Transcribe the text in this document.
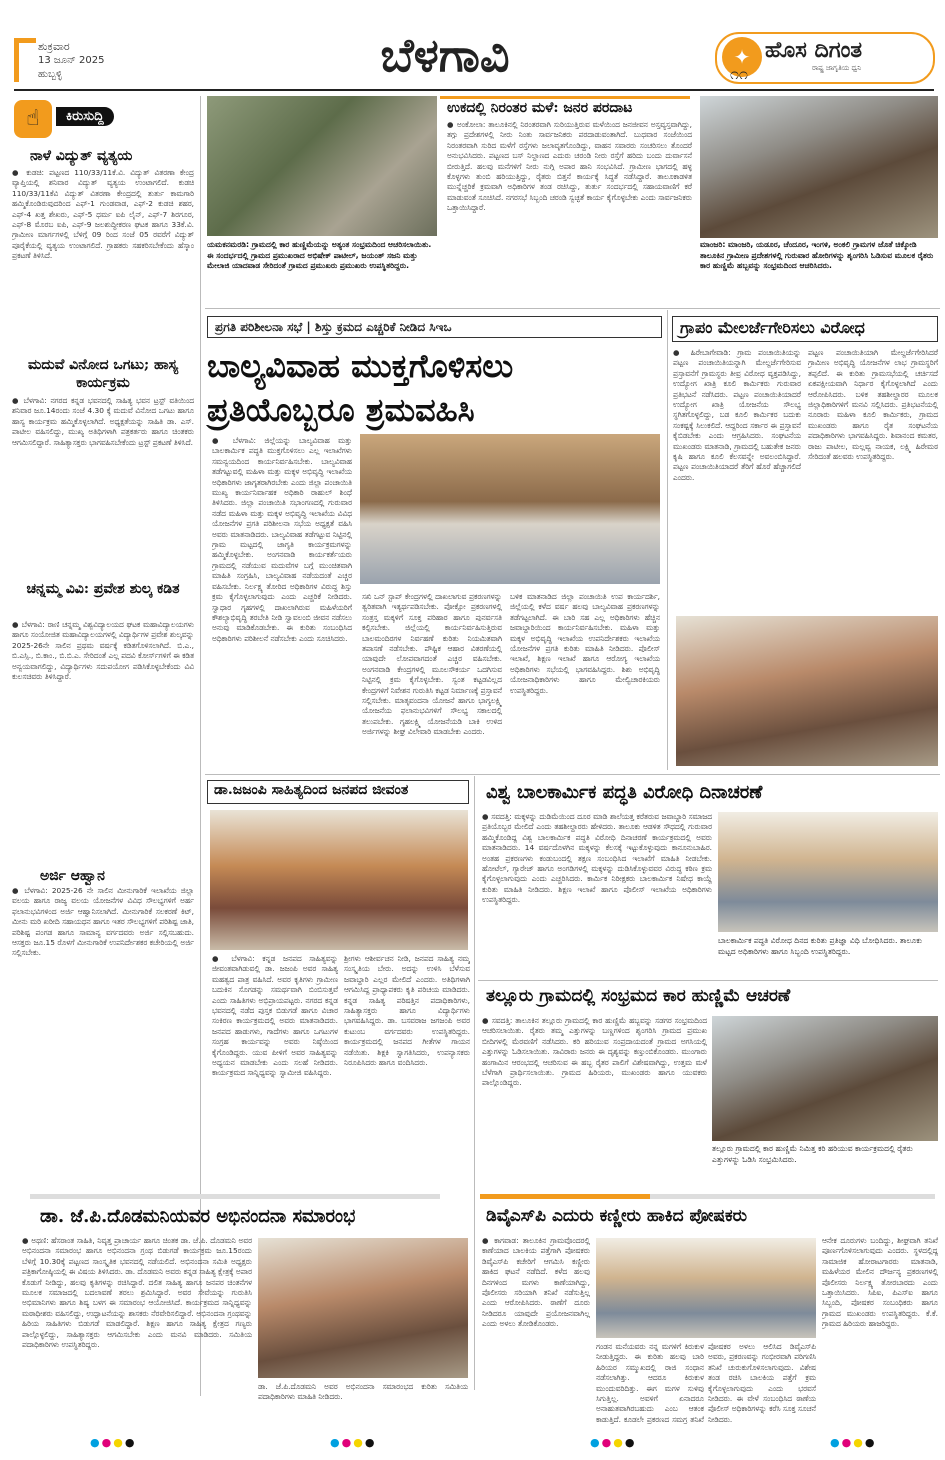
ಶುಕ್ರವಾರ
13 ಜೂನ್ 2025
ಹುಬ್ಬಳ್ಳಿ	ಬೆಳಗಾವಿ	✦ ಹೊಸ ದಿಗಂತ
ರಾಷ್ಟ್ರ ಜಾಗೃತಿಯ ಧ್ವನಿ
೧೧
☝	ಕಿರುಸುದ್ದಿ
ನಾಳೆ ವಿದ್ಯುತ್ ವ್ಯತ್ಯಯ
● ಕುಡಚಿ: ಪಟ್ಟಣದ 110/33/11ಕೆ.ವಿ. ವಿದ್ಯುತ್ ವಿತರಣಾ ಕೇಂದ್ರ ವ್ಯಾಪ್ತಿಯಲ್ಲಿ ಶನಿವಾರ ವಿದ್ಯುತ್ ವ್ಯತ್ಯಯ ಉಂಟಾಗಲಿದೆ. ಕುಡಚಿ 110/33/11ಕೆವಿ ವಿದ್ಯುತ್ ವಿತರಣಾ ಕೇಂದ್ರದಲ್ಲಿ ತುರ್ತು ಕಾಮಗಾರಿ ಹಮ್ಮಿಕೊಂಡಿರುವುದರಿಂದ ಎಫ್-1 ಗುಂಡವಾಡ, ಎಫ್-2 ಕುಡಚಿ ಶಹರ, ಎಫ್-4 ಖತ್ತ ಶೇಖರು, ಎಫ್-5 ಧರ್ಮ ಐಪಿ ಲೈನ್, ಎಫ್-7 ಶಿರಗೂರ, ಎಫ್-8 ಮೊರಬ ಐಪಿ, ಎಫ್-9 ಜಲಶುದ್ಧೀಕರಣ ಘಟಕ ಹಾಗೂ 33ಕೆ.ವಿ. ಗ್ರಾಮೀಣ ಮಾರ್ಗಗಳಲ್ಲಿ ಬೆಳಿಗ್ಗೆ 09 ರಿಂದ ಸಂಜೆ 05 ರವರೆಗೆ ವಿದ್ಯುತ್ ಪೂರೈಕೆಯಲ್ಲಿ ವ್ಯತ್ಯಯ ಉಂಟಾಗಲಿದೆ. ಗ್ರಾಹಕರು ಸಹಕರಿಸಬೇಕೆಂದು ಹೆಸ್ಕಾಂ ಪ್ರಕಟಣೆ ತಿಳಿಸಿದೆ.
ಮದುವೆ ವಿನೋದ ಒಗಟು; ಹಾಸ್ಯ ಕಾರ್ಯಕ್ರಮ
● ಬೆಳಗಾವಿ: ನಗರದ ಕನ್ನಡ ಭವನದಲ್ಲಿ ಸಾಹಿತ್ಯ ಭವನ ಟ್ರಸ್ಟ್ ವತಿಯಿಂದ ಶನಿವಾರ ಜೂ.14ರಂದು ಸಂಜೆ 4.30 ಕ್ಕೆ ಮದುವೆ ವಿನೋದ ಒಗಟು ಹಾಗೂ ಹಾಸ್ಯ ಕಾರ್ಯಕ್ರಮ ಹಮ್ಮಿಕೊಳ್ಳಲಾಗಿದೆ. ಅಧ್ಯಕ್ಷತೆಯನ್ನು ಸಾಹಿತಿ ಡಾ. ಎಸ್. ಪಾಟೀಲ ವಹಿಸಲಿದ್ದು, ಮುಖ್ಯ ಅತಿಥಿಗಳಾಗಿ ಪತ್ರಕರ್ತರು ಹಾಗೂ ಚಿಂತಕರು ಆಗಮಿಸಲಿದ್ದಾರೆ. ಸಾಹಿತ್ಯಾಸಕ್ತರು ಭಾಗವಹಿಸಬೇಕೆಂದು ಟ್ರಸ್ಟ್ ಪ್ರಕಟಣೆ ತಿಳಿಸಿದೆ.
ಚನ್ನಮ್ಮ ವಿವಿ: ಪ್ರವೇಶ ಶುಲ್ಕ ಕಡಿತ
● ಬೆಳಗಾವಿ: ರಾಣಿ ಚನ್ನಮ್ಮ ವಿಶ್ವವಿದ್ಯಾಲಯದ ಘಟಕ ಮಹಾವಿದ್ಯಾಲಯಗಳು ಹಾಗೂ ಸಂಯೋಜಿತ ಮಹಾವಿದ್ಯಾಲಯಗಳಲ್ಲಿ ವಿದ್ಯಾರ್ಥಿಗಳ ಪ್ರವೇಶ ಶುಲ್ಕವನ್ನು 2025-26ನೇ ಸಾಲಿನ ಪ್ರಥಮ ವರ್ಷಕ್ಕೆ ಕಡಿತಗೊಳಿಸಲಾಗಿದೆ. ಬಿ.ಎ., ಬಿ.ಎಸ್ಸಿ., ಬಿ.ಕಾಂ., ಬಿ.ಬಿ.ಎ. ಸೇರಿದಂತೆ ಎಲ್ಲ ಪದವಿ ಕೋರ್ಸ್‌ಗಳಿಗೆ ಈ ಕಡಿತ ಅನ್ವಯವಾಗಲಿದ್ದು, ವಿದ್ಯಾರ್ಥಿಗಳು ಸದುಪಯೋಗ ಪಡಿಸಿಕೊಳ್ಳಬೇಕೆಂದು ವಿವಿ ಕುಲಸಚಿವರು ತಿಳಿಸಿದ್ದಾರೆ.
ಅರ್ಜಿ ಆಹ್ವಾನ
● ಬೆಳಗಾವಿ: 2025-26 ನೇ ಸಾಲಿನ ಮೀನುಗಾರಿಕೆ ಇಲಾಖೆಯ ಜಿಲ್ಲಾ ವಲಯ ಹಾಗೂ ರಾಜ್ಯ ವಲಯ ಯೋಜನೆಗಳ ವಿವಿಧ ಸೌಲಭ್ಯಗಳಿಗೆ ಅರ್ಹ ಫಲಾನುಭವಿಗಳಿಂದ ಅರ್ಜಿ ಆಹ್ವಾನಿಸಲಾಗಿದೆ. ಮೀನುಗಾರಿಕೆ ಸಲಕರಣೆ ಕಿಟ್, ಮೀನು ಮರಿ ಖರೀದಿ ಸಹಾಯಧನ ಹಾಗೂ ಇತರ ಸೌಲಭ್ಯಗಳಿಗೆ ಪರಿಶಿಷ್ಟ ಜಾತಿ, ಪರಿಶಿಷ್ಟ ಪಂಗಡ ಹಾಗೂ ಸಾಮಾನ್ಯ ವರ್ಗದವರು ಅರ್ಜಿ ಸಲ್ಲಿಸಬಹುದು. ಆಸಕ್ತರು ಜೂ.15 ರೊಳಗೆ ಮೀನುಗಾರಿಕೆ ಉಪನಿರ್ದೇಶಕರ ಕಚೇರಿಯಲ್ಲಿ ಅರ್ಜಿ ಸಲ್ಲಿಸಬೇಕು.
ಯಮಕನಮರಡಿ: ಗ್ರಾಮದಲ್ಲಿ ಕಾರ ಹುಣ್ಣಿಮೆಯನ್ನು ಅತ್ಯಂತ ಸಂಭ್ರಮದಿಂದ ಆಚರಿಸಲಾಯಿತು. ಈ ಸಂದರ್ಭದಲ್ಲಿ ಗ್ರಾಮದ ಪ್ರಮುಖರಾದ ಅಭಿಷೇಕ್ ಪಾಟೀಲ್, ಜಯಂತ್ ಸಜನಿ ಮತ್ತು ಮೇಲಾಜಿ ಯಾದವಾಡ ಸೇರಿದಂತೆ ಗ್ರಾಮದ ಪ್ರಮುಖರು ಪ್ರಮುಖರು ಉಪಸ್ಥಿತರಿದ್ದರು.
ಉಕದಲ್ಲಿ ನಿರಂತರ ಮಳೆ: ಜನರ ಪರದಾಟ
● ಅಂಕೋಲಾ: ತಾಲೂಕಿನಲ್ಲಿ ನಿರಂತರವಾಗಿ ಸುರಿಯುತ್ತಿರುವ ಮಳೆಯಿಂದ ಜನಜೀವನ ಅಸ್ತವ್ಯಸ್ತವಾಗಿದ್ದು, ತಗ್ಗು ಪ್ರದೇಶಗಳಲ್ಲಿ ನೀರು ನಿಂತು ಸಾರ್ವಜನಿಕರು ಪರದಾಡುವಂತಾಗಿದೆ. ಬುಧವಾರ ಸಂಜೆಯಿಂದ ನಿರಂತರವಾಗಿ ಸುರಿದ ಮಳೆಗೆ ರಸ್ತೆಗಳು ಜಲಾವೃತಗೊಂಡಿದ್ದು, ವಾಹನ ಸವಾರರು ಸಂಚರಿಸಲು ತೊಂದರೆ ಅನುಭವಿಸಿದರು. ಪಟ್ಟಣದ ಬಸ್ ನಿಲ್ದಾಣದ ಎದುರು ಚರಂಡಿ ನೀರು ರಸ್ತೆಗೆ ಹರಿದು ಬಂದು ದುರ್ವಾಸನೆ ಬೀರುತ್ತಿದೆ. ಹಲವು ಮನೆಗಳಿಗೆ ನೀರು ನುಗ್ಗಿ ಅಪಾರ ಹಾನಿ ಸಂಭವಿಸಿದೆ. ಗ್ರಾಮೀಣ ಭಾಗದಲ್ಲಿ ಹಳ್ಳ ಕೊಳ್ಳಗಳು ತುಂಬಿ ಹರಿಯುತ್ತಿದ್ದು, ರೈತರು ಬಿತ್ತನೆ ಕಾರ್ಯಕ್ಕೆ ಸಿದ್ಧತೆ ನಡೆಸಿದ್ದಾರೆ. ತಾಲೂಕಾಡಳಿತ ಮುನ್ನೆಚ್ಚರಿಕೆ ಕ್ರಮವಾಗಿ ಅಧಿಕಾರಿಗಳ ತಂಡ ರಚಿಸಿದ್ದು, ತುರ್ತು ಸಂದರ್ಭದಲ್ಲಿ ಸಹಾಯವಾಣಿಗೆ ಕರೆ ಮಾಡುವಂತೆ ಸೂಚಿಸಿದೆ. ನಗರಸಭೆ ಸಿಬ್ಬಂದಿ ಚರಂಡಿ ಸ್ವಚ್ಛತೆ ಕಾರ್ಯ ಕೈಗೊಳ್ಳಬೇಕು ಎಂದು ಸಾರ್ವಜನಿಕರು ಒತ್ತಾಯಿಸಿದ್ದಾರೆ.
ಮಾಂಜರಿ: ಮಾಂಜರಿ, ಯಡೂರ, ಚೆಂದೂರ, ಇಂಗಳಿ, ಅಂಕಲಿ ಗ್ರಾಮಗಳ ಜೊತೆ ಚಿಕ್ಕೋಡಿ ತಾಲೂಕಿನ ಗ್ರಾಮೀಣ ಪ್ರದೇಶಗಳಲ್ಲಿ ಗುರುವಾರ ಹೋರಿಗಳನ್ನು ಶೃಂಗರಿಸಿ ಓಡಿಸುವ ಮೂಲಕ ರೈತರು ಕಾರ ಹುಣ್ಣಿಮೆ ಹಬ್ಬವನ್ನು ಸಂಭ್ರಮದಿಂದ ಆಚರಿಸಿದರು.
ಪ್ರಗತಿ ಪರಿಶೀಲನಾ ಸಭೆ | ಶಿಸ್ತು ಕ್ರಮದ ಎಚ್ಚರಿಕೆ ನೀಡಿದ ಸಿಇಒ
ಬಾಲ್ಯವಿವಾಹ ಮುಕ್ತಗೊಳಿಸಲು ಪ್ರತಿಯೊಬ್ಬರೂ ಶ್ರಮವಹಿಸಿ
● ಬೆಳಗಾವಿ: ಜಿಲ್ಲೆಯನ್ನು ಬಾಲ್ಯವಿವಾಹ ಮತ್ತು ಬಾಲಕಾರ್ಮಿಕ ಪದ್ಧತಿ ಮುಕ್ತಗೊಳಿಸಲು ಎಲ್ಲ ಇಲಾಖೆಗಳು ಸಮನ್ವಯದಿಂದ ಕಾರ್ಯನಿರ್ವಹಿಸಬೇಕು. ಬಾಲ್ಯವಿವಾಹ ತಡೆಗಟ್ಟುವಲ್ಲಿ ಮಹಿಳಾ ಮತ್ತು ಮಕ್ಕಳ ಅಭಿವೃದ್ಧಿ ಇಲಾಖೆಯ ಅಧಿಕಾರಿಗಳು ಜಾಗೃತರಾಗಿರಬೇಕು ಎಂದು ಜಿಲ್ಲಾ ಪಂಚಾಯಿತಿ ಮುಖ್ಯ ಕಾರ್ಯನಿರ್ವಾಹಕ ಅಧಿಕಾರಿ ರಾಹುಲ್ ಶಿಂಧೆ ತಿಳಿಸಿದರು. ಜಿಲ್ಲಾ ಪಂಚಾಯಿತಿ ಸಭಾಂಗಣದಲ್ಲಿ ಗುರುವಾರ ನಡೆದ ಮಹಿಳಾ ಮತ್ತು ಮಕ್ಕಳ ಅಭಿವೃದ್ಧಿ ಇಲಾಖೆಯ ವಿವಿಧ ಯೋಜನೆಗಳ ಪ್ರಗತಿ ಪರಿಶೀಲನಾ ಸಭೆಯ ಅಧ್ಯಕ್ಷತೆ ವಹಿಸಿ ಅವರು ಮಾತನಾಡಿದರು. ಬಾಲ್ಯವಿವಾಹ ತಡೆಗಟ್ಟುವ ನಿಟ್ಟಿನಲ್ಲಿ ಗ್ರಾಮ ಮಟ್ಟದಲ್ಲಿ ಜಾಗೃತಿ ಕಾರ್ಯಕ್ರಮಗಳನ್ನು ಹಮ್ಮಿಕೊಳ್ಳಬೇಕು. ಅಂಗನವಾಡಿ ಕಾರ್ಯಕರ್ತೆಯರು ಗ್ರಾಮದಲ್ಲಿ ನಡೆಯುವ ಮದುವೆಗಳ ಬಗ್ಗೆ ಮುಂಚಿತವಾಗಿ ಮಾಹಿತಿ ಸಂಗ್ರಹಿಸಿ, ಬಾಲ್ಯವಿವಾಹ ನಡೆಯದಂತೆ ಎಚ್ಚರ ವಹಿಸಬೇಕು. ನಿರ್ಲಕ್ಷ್ಯ ತೋರಿದ ಅಧಿಕಾರಿಗಳ ವಿರುದ್ಧ ಶಿಸ್ತು ಕ್ರಮ ಕೈಗೊಳ್ಳಲಾಗುವುದು ಎಂದು ಎಚ್ಚರಿಕೆ ನೀಡಿದರು. ಸ್ವಾಧಾರ ಗೃಹಗಳಲ್ಲಿ ದಾಖಲಾಗಿರುವ ಮಹಿಳೆಯರಿಗೆ ಕೌಶಲ್ಯಾಭಿವೃದ್ಧಿ ತರಬೇತಿ ನೀಡಿ ಸ್ವಾವಲಂಬಿ ಜೀವನ ನಡೆಸಲು ಅನುವು ಮಾಡಿಕೊಡಬೇಕು. ಈ ಕುರಿತು ಸಂಬಂಧಿಸಿದ ಅಧಿಕಾರಿಗಳು ಪರಿಶೀಲನೆ ನಡೆಸಬೇಕು ಎಂದು ಸೂಚಿಸಿದರು.
ಸಖಿ ಒನ್ ಸ್ಟಾಪ್ ಕೇಂದ್ರಗಳಲ್ಲಿ ದಾಖಲಾಗುವ ಪ್ರಕರಣಗಳನ್ನು ತ್ವರಿತವಾಗಿ ಇತ್ಯರ್ಥಪಡಿಸಬೇಕು. ಪೋಕ್ಸೋ ಪ್ರಕರಣಗಳಲ್ಲಿ ಸಂತ್ರಸ್ತ ಮಕ್ಕಳಿಗೆ ಸೂಕ್ತ ಪರಿಹಾರ ಹಾಗೂ ಪುನರ್ವಸತಿ ಕಲ್ಪಿಸಬೇಕು. ಜಿಲ್ಲೆಯಲ್ಲಿ ಕಾರ್ಯನಿರ್ವಹಿಸುತ್ತಿರುವ ಬಾಲಮಂದಿರಗಳ ನಿರ್ವಹಣೆ ಕುರಿತು ನಿಯಮಿತವಾಗಿ ತಪಾಸಣೆ ನಡೆಸಬೇಕು. ಪೌಷ್ಟಿಕ ಆಹಾರ ವಿತರಣೆಯಲ್ಲಿ ಯಾವುದೇ ಲೋಪವಾಗದಂತೆ ಎಚ್ಚರ ವಹಿಸಬೇಕು. ಅಂಗನವಾಡಿ ಕೇಂದ್ರಗಳಲ್ಲಿ ಮೂಲಸೌಕರ್ಯ ಒದಗಿಸುವ ನಿಟ್ಟಿನಲ್ಲಿ ಕ್ರಮ ಕೈಗೊಳ್ಳಬೇಕು. ಸ್ವಂತ ಕಟ್ಟಡವಿಲ್ಲದ ಕೇಂದ್ರಗಳಿಗೆ ನಿವೇಶನ ಗುರುತಿಸಿ ಕಟ್ಟಡ ನಿರ್ಮಾಣಕ್ಕೆ ಪ್ರಸ್ತಾವನೆ ಸಲ್ಲಿಸಬೇಕು. ಮಾತೃವಂದನಾ ಯೋಜನೆ ಹಾಗೂ ಭಾಗ್ಯಲಕ್ಷ್ಮಿ ಯೋಜನೆಯ ಫಲಾನುಭವಿಗಳಿಗೆ ಸೌಲಭ್ಯ ಸಕಾಲದಲ್ಲಿ ತಲುಪಬೇಕು. ಗೃಹಲಕ್ಷ್ಮಿ ಯೋಜನೆಯಡಿ ಬಾಕಿ ಉಳಿದ ಅರ್ಜಿಗಳನ್ನು ಶೀಘ್ರ ವಿಲೇವಾರಿ ಮಾಡಬೇಕು ಎಂದರು.
ಬಳಿಕ ಮಾತನಾಡಿದ ಜಿಲ್ಲಾ ಪಂಚಾಯಿತಿ ಉಪ ಕಾರ್ಯದರ್ಶಿ, ಜಿಲ್ಲೆಯಲ್ಲಿ ಕಳೆದ ವರ್ಷ ಹಲವು ಬಾಲ್ಯವಿವಾಹ ಪ್ರಕರಣಗಳನ್ನು ತಡೆಗಟ್ಟಲಾಗಿದೆ. ಈ ಬಾರಿ ಸಹ ಎಲ್ಲ ಅಧಿಕಾರಿಗಳು ಹೆಚ್ಚಿನ ಜವಾಬ್ದಾರಿಯಿಂದ ಕಾರ್ಯನಿರ್ವಹಿಸಬೇಕು. ಮಹಿಳಾ ಮತ್ತು ಮಕ್ಕಳ ಅಭಿವೃದ್ಧಿ ಇಲಾಖೆಯ ಉಪನಿರ್ದೇಶಕರು ಇಲಾಖೆಯ ಯೋಜನೆಗಳ ಪ್ರಗತಿ ಕುರಿತು ಮಾಹಿತಿ ನೀಡಿದರು. ಪೊಲೀಸ್ ಇಲಾಖೆ, ಶಿಕ್ಷಣ ಇಲಾಖೆ ಹಾಗೂ ಆರೋಗ್ಯ ಇಲಾಖೆಯ ಅಧಿಕಾರಿಗಳು ಸಭೆಯಲ್ಲಿ ಭಾಗವಹಿಸಿದ್ದರು. ಶಿಶು ಅಭಿವೃದ್ಧಿ ಯೋಜನಾಧಿಕಾರಿಗಳು ಹಾಗೂ ಮೇಲ್ವಿಚಾರಕಿಯರು ಉಪಸ್ಥಿತರಿದ್ದರು.
ಗ್ರಾಪಂ ಮೇಲರ್ಜೆಗೇರಿಸಲು ವಿರೋಧ
● ಹಿರೇಬಾಗೇವಾಡಿ: ಗ್ರಾಮ ಪಂಚಾಯಿತಿಯನ್ನು ಪಟ್ಟಣ ಪಂಚಾಯಿತಿಯನ್ನಾಗಿ ಮೇಲ್ದರ್ಜೆಗೇರಿಸುವ ಪ್ರಸ್ತಾವನೆಗೆ ಗ್ರಾಮಸ್ಥರು ತೀವ್ರ ವಿರೋಧ ವ್ಯಕ್ತಪಡಿಸಿದ್ದು, ಉದ್ಯೋಗ ಖಾತ್ರಿ ಕೂಲಿ ಕಾರ್ಮಿಕರು ಗುರುವಾರ ಪ್ರತಿಭಟನೆ ನಡೆಸಿದರು. ಪಟ್ಟಣ ಪಂಚಾಯಿತಿಯಾದರೆ ಉದ್ಯೋಗ ಖಾತ್ರಿ ಯೋಜನೆಯ ಸೌಲಭ್ಯ ಸ್ಥಗಿತಗೊಳ್ಳಲಿದ್ದು, ಬಡ ಕೂಲಿ ಕಾರ್ಮಿಕರ ಬದುಕು ಸಂಕಷ್ಟಕ್ಕೆ ಸಿಲುಕಲಿದೆ. ಆದ್ದರಿಂದ ಸರ್ಕಾರ ಈ ಪ್ರಸ್ತಾವನೆ ಕೈಬಿಡಬೇಕು ಎಂದು ಆಗ್ರಹಿಸಿದರು. ಸಂಘಟನೆಯ ಮುಖಂಡರು ಮಾತನಾಡಿ, ಗ್ರಾಮದಲ್ಲಿ ಬಹುತೇಕ ಜನರು ಕೃಷಿ ಹಾಗೂ ಕೂಲಿ ಕೆಲಸವನ್ನೇ ಅವಲಂಬಿಸಿದ್ದಾರೆ. ಪಟ್ಟಣ ಪಂಚಾಯಿತಿಯಾದರೆ ತೆರಿಗೆ ಹೊರೆ ಹೆಚ್ಚಾಗಲಿದೆ ಎಂದರು.
ಪಟ್ಟಣ ಪಂಚಾಯಿತಿಯಾಗಿ ಮೇಲ್ದರ್ಜೆಗೇರಿಸಿದರೆ ಗ್ರಾಮೀಣ ಅಭಿವೃದ್ಧಿ ಯೋಜನೆಗಳ ಲಾಭ ಗ್ರಾಮಸ್ಥರಿಗೆ ತಪ್ಪಲಿದೆ. ಈ ಕುರಿತು ಗ್ರಾಮಸಭೆಯಲ್ಲಿ ಚರ್ಚಿಸದೆ ಏಕಪಕ್ಷೀಯವಾಗಿ ನಿರ್ಧಾರ ಕೈಗೊಳ್ಳಲಾಗಿದೆ ಎಂದು ಆರೋಪಿಸಿದರು. ಬಳಿಕ ತಹಶೀಲ್ದಾರರ ಮೂಲಕ ಜಿಲ್ಲಾಧಿಕಾರಿಗಳಿಗೆ ಮನವಿ ಸಲ್ಲಿಸಿದರು. ಪ್ರತಿಭಟನೆಯಲ್ಲಿ ನೂರಾರು ಮಹಿಳಾ ಕೂಲಿ ಕಾರ್ಮಿಕರು, ಗ್ರಾಮದ ಮುಖಂಡರು ಹಾಗೂ ರೈತ ಸಂಘಟನೆಯ ಪದಾಧಿಕಾರಿಗಳು ಭಾಗವಹಿಸಿದ್ದರು. ಶಿವಾನಂದ ಕಮತರ, ರಾಜು ಪಾಟೀಲ, ಮಲ್ಲವ್ವ ನಾಯಕ, ಲಕ್ಷ್ಮಿ ಹಿರೇಮಠ ಸೇರಿದಂತೆ ಹಲವರು ಉಪಸ್ಥಿತರಿದ್ದರು.
ಡಾ.ಜಜಂಪಿ ಸಾಹಿತ್ಯದಿಂದ ಜನಪದ ಜೀವಂತ
● ಬೆಳಗಾವಿ: ಕನ್ನಡ ಜನಪದ ಸಾಹಿತ್ಯವನ್ನು ಜೀವಂತವಾಗಿಡುವಲ್ಲಿ ಡಾ. ಜಜಂಪಿ ಅವರ ಸಾಹಿತ್ಯ ಮಹತ್ವದ ಪಾತ್ರ ವಹಿಸಿದೆ. ಅವರ ಕೃತಿಗಳು ಗ್ರಾಮೀಣ ಬದುಕಿನ ಸೊಗಡನ್ನು ಸಮರ್ಥವಾಗಿ ಬಿಂಬಿಸುತ್ತವೆ ಎಂದು ಸಾಹಿತಿಗಳು ಅಭಿಪ್ರಾಯಪಟ್ಟರು. ನಗರದ ಕನ್ನಡ ಭವನದಲ್ಲಿ ನಡೆದ ಪುಸ್ತಕ ಬಿಡುಗಡೆ ಹಾಗೂ ವಿಚಾರ ಸಂಕಿರಣ ಕಾರ್ಯಕ್ರಮದಲ್ಲಿ ಅವರು ಮಾತನಾಡಿದರು. ಜನಪದ ಹಾಡುಗಳು, ಗಾದೆಗಳು ಹಾಗೂ ಒಗಟುಗಳ ಸಂಗ್ರಹ ಕಾರ್ಯವನ್ನು ಅವರು ನಿಷ್ಠೆಯಿಂದ ಕೈಗೊಂಡಿದ್ದರು. ಯುವ ಪೀಳಿಗೆ ಅವರ ಸಾಹಿತ್ಯವನ್ನು ಅಧ್ಯಯನ ಮಾಡಬೇಕು ಎಂದು ಸಲಹೆ ನೀಡಿದರು. ಕಾರ್ಯಕ್ರಮದ ಸಾನ್ನಿಧ್ಯವನ್ನು ಸ್ವಾಮೀಜಿ ವಹಿಸಿದ್ದರು.
ಶ್ರೀಗಳು ಆಶೀರ್ವಚನ ನೀಡಿ, ಜನಪದ ಸಾಹಿತ್ಯ ನಮ್ಮ ಸಂಸ್ಕೃತಿಯ ಬೇರು. ಅದನ್ನು ಉಳಿಸಿ ಬೆಳೆಸುವ ಜವಾಬ್ದಾರಿ ಎಲ್ಲರ ಮೇಲಿದೆ ಎಂದರು. ಅತಿಥಿಗಳಾಗಿ ಆಗಮಿಸಿದ್ದ ಪ್ರಾಧ್ಯಾಪಕರು ಕೃತಿ ಪರಿಚಯ ಮಾಡಿದರು. ಕನ್ನಡ ಸಾಹಿತ್ಯ ಪರಿಷತ್ತಿನ ಪದಾಧಿಕಾರಿಗಳು, ಸಾಹಿತ್ಯಾಸಕ್ತರು ಹಾಗೂ ವಿದ್ಯಾರ್ಥಿಗಳು ಭಾಗವಹಿಸಿದ್ದರು. ಡಾ. ಬಸವರಾಜ ಜಗಜಂಪಿ ಅವರ ಕುಟುಂಬ ವರ್ಗದವರು ಉಪಸ್ಥಿತರಿದ್ದರು. ಕಾರ್ಯಕ್ರಮದಲ್ಲಿ ಜನಪದ ಗೀತೆಗಳ ಗಾಯನ ನಡೆಯಿತು. ಶಿಕ್ಷಕಿ ಸ್ವಾಗತಿಸಿದರು, ಉಪನ್ಯಾಸಕರು ನಿರೂಪಿಸಿದರು ಹಾಗೂ ವಂದಿಸಿದರು.
ವಿಶ್ವ ಬಾಲಕಾರ್ಮಿಕ ಪದ್ಧತಿ ವಿರೋಧಿ ದಿನಾಚರಣೆ
● ಸವದತ್ತಿ: ಮಕ್ಕಳನ್ನು ದುಡಿಮೆಯಿಂದ ದೂರ ಮಾಡಿ ಶಾಲೆಯತ್ತ ಕರೆತರುವ ಜವಾಬ್ದಾರಿ ಸಮಾಜದ ಪ್ರತಿಯೊಬ್ಬರ ಮೇಲಿದೆ ಎಂದು ತಹಶೀಲ್ದಾರರು ಹೇಳಿದರು. ತಾಲೂಕು ಆಡಳಿತ ಸೌಧದಲ್ಲಿ ಗುರುವಾರ ಹಮ್ಮಿಕೊಂಡಿದ್ದ ವಿಶ್ವ ಬಾಲಕಾರ್ಮಿಕ ಪದ್ಧತಿ ವಿರೋಧಿ ದಿನಾಚರಣೆ ಕಾರ್ಯಕ್ರಮದಲ್ಲಿ ಅವರು ಮಾತನಾಡಿದರು. 14 ವರ್ಷದೊಳಗಿನ ಮಕ್ಕಳನ್ನು ಕೆಲಸಕ್ಕೆ ಇಟ್ಟುಕೊಳ್ಳುವುದು ಕಾನೂನುಬಾಹಿರ. ಅಂತಹ ಪ್ರಕರಣಗಳು ಕಂಡುಬಂದಲ್ಲಿ ತಕ್ಷಣ ಸಂಬಂಧಿಸಿದ ಇಲಾಖೆಗೆ ಮಾಹಿತಿ ನೀಡಬೇಕು. ಹೋಟೆಲ್, ಗ್ಯಾರೇಜ್ ಹಾಗೂ ಅಂಗಡಿಗಳಲ್ಲಿ ಮಕ್ಕಳನ್ನು ದುಡಿಸಿಕೊಳ್ಳುವವರ ವಿರುದ್ಧ ಕಠಿಣ ಕ್ರಮ ಕೈಗೊಳ್ಳಲಾಗುವುದು ಎಂದು ಎಚ್ಚರಿಸಿದರು. ಕಾರ್ಮಿಕ ನಿರೀಕ್ಷಕರು ಬಾಲಕಾರ್ಮಿಕ ನಿಷೇಧ ಕಾಯ್ದೆ ಕುರಿತು ಮಾಹಿತಿ ನೀಡಿದರು. ಶಿಕ್ಷಣ ಇಲಾಖೆ ಹಾಗೂ ಪೊಲೀಸ್ ಇಲಾಖೆಯ ಅಧಿಕಾರಿಗಳು ಉಪಸ್ಥಿತರಿದ್ದರು.
ಬಾಲಕಾರ್ಮಿಕ ಪದ್ಧತಿ ವಿರೋಧ ದಿನದ ಕುರಿತು ಪ್ರತಿಜ್ಞಾ ವಿಧಿ ಬೋಧಿಸಿದರು. ತಾಲೂಕು ಮಟ್ಟದ ಅಧಿಕಾರಿಗಳು ಹಾಗೂ ಸಿಬ್ಬಂದಿ ಉಪಸ್ಥಿತರಿದ್ದರು.
ತಲ್ಲೂರು ಗ್ರಾಮದಲ್ಲಿ ಸಂಭ್ರಮದ ಕಾರ ಹುಣ್ಣಿಮೆ ಆಚರಣೆ
● ಸವದತ್ತಿ: ತಾಲೂಕಿನ ತಲ್ಲೂರು ಗ್ರಾಮದಲ್ಲಿ ಕಾರ ಹುಣ್ಣಿಮೆ ಹಬ್ಬವನ್ನು ಸಡಗರ ಸಂಭ್ರಮದಿಂದ ಆಚರಿಸಲಾಯಿತು. ರೈತರು ತಮ್ಮ ಎತ್ತುಗಳನ್ನು ಬಣ್ಣಗಳಿಂದ ಶೃಂಗರಿಸಿ ಗ್ರಾಮದ ಪ್ರಮುಖ ಬೀದಿಗಳಲ್ಲಿ ಮೆರವಣಿಗೆ ನಡೆಸಿದರು. ಕರಿ ಹರಿಯುವ ಸಂಪ್ರದಾಯದಂತೆ ಗ್ರಾಮದ ಅಗಸಿಯಲ್ಲಿ ಎತ್ತುಗಳನ್ನು ಓಡಿಸಲಾಯಿತು. ಸಾವಿರಾರು ಜನರು ಈ ದೃಶ್ಯವನ್ನು ಕಣ್ತುಂಬಿಕೊಂಡರು. ಮುಂಗಾರು ಹಂಗಾಮಿನ ಆರಂಭದಲ್ಲಿ ಆಚರಿಸುವ ಈ ಹಬ್ಬ ರೈತರ ಪಾಲಿಗೆ ವಿಶೇಷವಾಗಿದ್ದು, ಉತ್ತಮ ಮಳೆ ಬೆಳೆಗಾಗಿ ಪ್ರಾರ್ಥಿಸಲಾಯಿತು. ಗ್ರಾಮದ ಹಿರಿಯರು, ಮುಖಂಡರು ಹಾಗೂ ಯುವಕರು ಪಾಲ್ಗೊಂಡಿದ್ದರು.
ತಲ್ಲೂರು ಗ್ರಾಮದಲ್ಲಿ ಕಾರ ಹುಣ್ಣಿಮೆ ನಿಮಿತ್ತ ಕರಿ ಹರಿಯುವ ಕಾರ್ಯಕ್ರಮದಲ್ಲಿ ರೈತರು ಎತ್ತುಗಳನ್ನು ಓಡಿಸಿ ಸಂಭ್ರಮಿಸಿದರು.
ಡಾ. ಜೆ.ಪಿ.ದೊಡಮನಿಯವರ ಅಭಿನಂದನಾ ಸಮಾರಂಭ
● ಅಥಣಿ: ಹೆಸರಾಂತ ಸಾಹಿತಿ, ನಿವೃತ್ತ ಪ್ರಾಚಾರ್ಯ ಹಾಗೂ ಚಿಂತಕ ಡಾ. ಜೆ.ಪಿ. ದೊಡಮನಿ ಅವರ ಅಭಿನಂದನಾ ಸಮಾರಂಭ ಹಾಗೂ ಅಭಿನಂದನಾ ಗ್ರಂಥ ಬಿಡುಗಡೆ ಕಾರ್ಯಕ್ರಮ ಜೂ.15ರಂದು ಬೆಳಿಗ್ಗೆ 10.30ಕ್ಕೆ ಪಟ್ಟಣದ ಸಾಂಸ್ಕೃತಿಕ ಭವನದಲ್ಲಿ ನಡೆಯಲಿದೆ. ಅಭಿನಂದನಾ ಸಮಿತಿ ಅಧ್ಯಕ್ಷರು ಪತ್ರಿಕಾಗೋಷ್ಠಿಯಲ್ಲಿ ಈ ವಿಷಯ ತಿಳಿಸಿದರು. ಡಾ. ದೊಡಮನಿ ಅವರು ಕನ್ನಡ ಸಾಹಿತ್ಯ ಕ್ಷೇತ್ರಕ್ಕೆ ಅಪಾರ ಕೊಡುಗೆ ನೀಡಿದ್ದು, ಹಲವು ಕೃತಿಗಳನ್ನು ರಚಿಸಿದ್ದಾರೆ. ದಲಿತ ಸಾಹಿತ್ಯ ಹಾಗೂ ಜನಪರ ಚಿಂತನೆಗಳ ಮೂಲಕ ಸಮಾಜದಲ್ಲಿ ಬದಲಾವಣೆ ತರಲು ಶ್ರಮಿಸಿದ್ದಾರೆ. ಅವರ ಸೇವೆಯನ್ನು ಗುರುತಿಸಿ ಅಭಿಮಾನಿಗಳು ಹಾಗೂ ಶಿಷ್ಯ ಬಳಗ ಈ ಸಮಾರಂಭ ಆಯೋಜಿಸಿದೆ. ಕಾರ್ಯಕ್ರಮದ ಸಾನ್ನಿಧ್ಯವನ್ನು ಮಠಾಧೀಶರು ವಹಿಸಲಿದ್ದು, ಉದ್ಘಾಟನೆಯನ್ನು ಶಾಸಕರು ನೆರವೇರಿಸಲಿದ್ದಾರೆ. ಅಭಿನಂದನಾ ಗ್ರಂಥವನ್ನು ಹಿರಿಯ ಸಾಹಿತಿಗಳು ಬಿಡುಗಡೆ ಮಾಡಲಿದ್ದಾರೆ. ಶಿಕ್ಷಣ ಹಾಗೂ ಸಾಹಿತ್ಯ ಕ್ಷೇತ್ರದ ಗಣ್ಯರು ಪಾಲ್ಗೊಳ್ಳಲಿದ್ದು, ಸಾಹಿತ್ಯಾಸಕ್ತರು ಆಗಮಿಸಬೇಕು ಎಂದು ಮನವಿ ಮಾಡಿದರು. ಸಮಿತಿಯ ಪದಾಧಿಕಾರಿಗಳು ಉಪಸ್ಥಿತರಿದ್ದರು.
ಡಾ. ಜೆ.ಪಿ.ದೊಡಮನಿ ಅವರ ಅಭಿನಂದನಾ ಸಮಾರಂಭದ ಕುರಿತು ಸಮಿತಿಯ ಪದಾಧಿಕಾರಿಗಳು ಮಾಹಿತಿ ನೀಡಿದರು.
ಡಿವೈಎಸ್‌ಪಿ ಎದುರು ಕಣ್ಣೀರು ಹಾಕಿದ ಪೋಷಕರು
● ಕಾಗವಾಡ: ತಾಲೂಕಿನ ಗ್ರಾಮವೊಂದರಲ್ಲಿ ಕಾಣೆಯಾದ ಬಾಲಕಿಯ ಪತ್ತೆಗಾಗಿ ಪೋಷಕರು ಡಿವೈಎಸ್‌ಪಿ ಕಚೇರಿಗೆ ಆಗಮಿಸಿ ಕಣ್ಣೀರು ಹಾಕಿದ ಘಟನೆ ನಡೆದಿದೆ. ಕಳೆದ ಹಲವು ದಿನಗಳಿಂದ ಮಗಳು ಕಾಣೆಯಾಗಿದ್ದು, ಪೊಲೀಸರು ಸರಿಯಾಗಿ ತನಿಖೆ ನಡೆಸುತ್ತಿಲ್ಲ ಎಂದು ಆರೋಪಿಸಿದರು. ಠಾಣೆಗೆ ದೂರು ನೀಡಿದರೂ ಯಾವುದೇ ಪ್ರಯೋಜನವಾಗಿಲ್ಲ ಎಂದು ಅಳಲು ತೋಡಿಕೊಂಡರು.
ಗಂಡನ ಮನೆಯವರು ನನ್ನ ಮಗಳಿಗೆ ಕಿರುಕುಳ ನೀಡುತ್ತಿದ್ದರು. ಈ ಕುರಿತು ಹಲವು ಬಾರಿ ಹಿರಿಯರ ಸಮ್ಮುಖದಲ್ಲಿ ರಾಜಿ ಸಂಧಾನ ನಡೆಸಲಾಗಿತ್ತು. ಆದರೂ ಕಿರುಕುಳ ಮುಂದುವರಿದಿತ್ತು. ಈಗ ಮಗಳ ಸುಳಿವು ಸಿಗುತ್ತಿಲ್ಲ. ಅವಳಿಗೆ ಏನಾದರೂ ಅನಾಹುತವಾಗಿರಬಹುದು ಎಂಬ ಆತಂಕ ಕಾಡುತ್ತಿದೆ. ಕೂಡಲೇ ಪ್ರಕರಣದ ಸಮಗ್ರ ತನಿಖೆ
ಪೋಷಕರ ಅಳಲು ಆಲಿಸಿದ ಡಿವೈಎಸ್‌ಪಿ ಅವರು, ಪ್ರಕರಣವನ್ನು ಗಂಭೀರವಾಗಿ ಪರಿಗಣಿಸಿ ತನಿಖೆ ಚುರುಕುಗೊಳಿಸಲಾಗುವುದು. ವಿಶೇಷ ತಂಡ ರಚಿಸಿ ಬಾಲಕಿಯ ಪತ್ತೆಗೆ ಕ್ರಮ ಕೈಗೊಳ್ಳಲಾಗುವುದು ಎಂದು ಭರವಸೆ ನೀಡಿದರು. ಈ ವೇಳೆ ಸಂಬಂಧಿಸಿದ ಠಾಣೆಯ ಪೊಲೀಸ್ ಅಧಿಕಾರಿಗಳನ್ನು ಕರೆಸಿ ಸೂಕ್ತ ಸೂಚನೆ ನೀಡಿದರು.
ಆನೇಕ ದೂರುಗಳು ಬಂದಿದ್ದು, ಶೀಘ್ರವಾಗಿ ತನಿಖೆ ಪೂರ್ಣಗೊಳಿಸಲಾಗುವುದು ಎಂದರು. ಸ್ಥಳದಲ್ಲಿದ್ದ ಸಾಮಾಜಿಕ ಹೋರಾಟಗಾರರು ಮಾತನಾಡಿ, ಮಹಿಳೆಯರ ಮೇಲಿನ ದೌರ್ಜನ್ಯ ಪ್ರಕರಣಗಳಲ್ಲಿ ಪೊಲೀಸರು ನಿರ್ಲಕ್ಷ್ಯ ತೋರಬಾರದು ಎಂದು ಒತ್ತಾಯಿಸಿದರು. ಸಿಪಿಐ, ಪಿಎಸ್‌ಐ ಹಾಗೂ ಸಿಬ್ಬಂದಿ, ಪೋಷಕರ ಸಂಬಂಧಿಕರು ಹಾಗೂ ಗ್ರಾಮದ ಮುಖಂಡರು ಉಪಸ್ಥಿತರಿದ್ದರು. ಕೆ.ಕೆ. ಗ್ರಾಮದ ಹಿರಿಯರು ಹಾಜರಿದ್ದರು.
●●●●	●●●●	●●●●	●●●●
